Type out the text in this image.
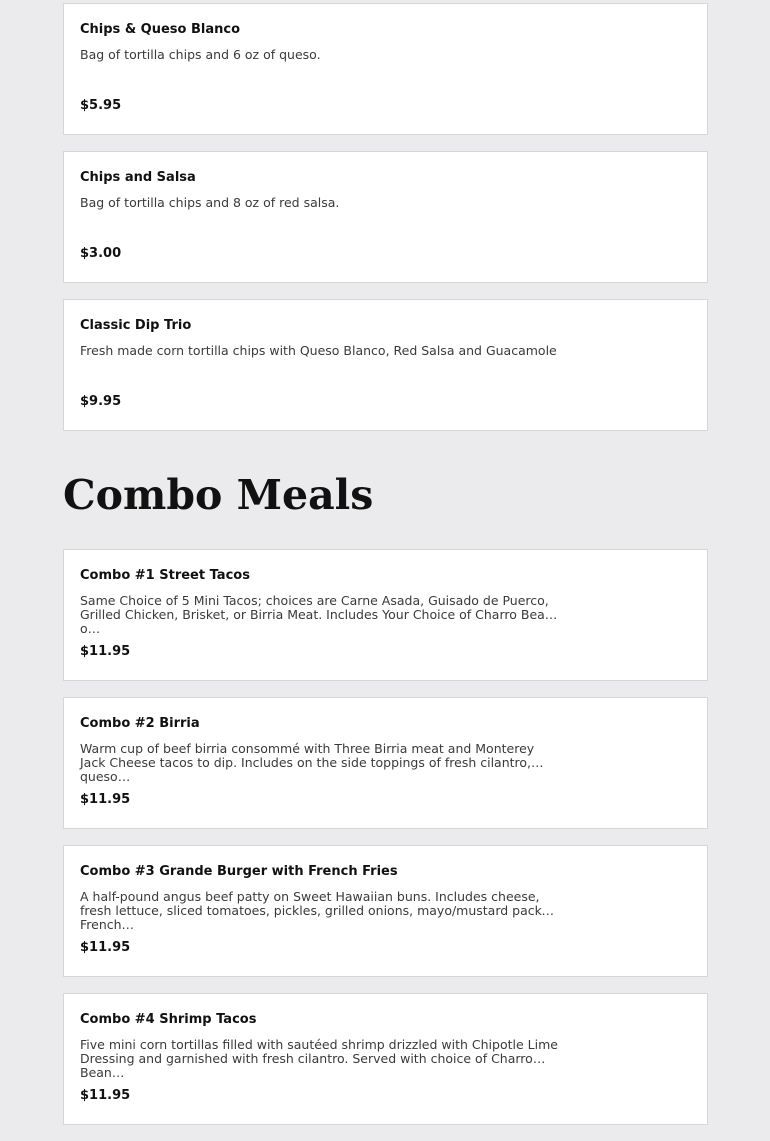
Chips & Queso Blanco
Bag of tortilla chips and 6 oz of queso.
$5.95
Chips and Salsa
Bag of tortilla chips and 8 oz of red salsa.
$3.00
Classic Dip Trio
Fresh made corn tortilla chips with Queso Blanco, Red Salsa and Guacamole
$9.95
Combo Meals
Combo #1 Street Tacos
Same Choice of 5 Mini Tacos; choices are Carne Asada, Guisado de Puerco, Grilled Chicken, Brisket, or Birria Meat. Includes Your Choice of Charro Beans o…
$11.95
Combo #2 Birria
Warm cup of beef birria consommé with Three Birria meat and Monterey Jack Cheese tacos to dip. Includes on the side toppings of fresh cilantro, queso…
$11.95
Combo #3 Grande Burger with French Fries
A half-pound angus beef patty on Sweet Hawaiian buns. Includes cheese, fresh lettuce, sliced tomatoes, pickles, grilled onions, mayo/mustard packet, French…
$11.95
Combo #4 Shrimp Tacos
Five mini corn tortillas filled with sautéed shrimp drizzled with Chipotle Lime Dressing and garnished with fresh cilantro. Served with choice of Charro Bean…
$11.95
